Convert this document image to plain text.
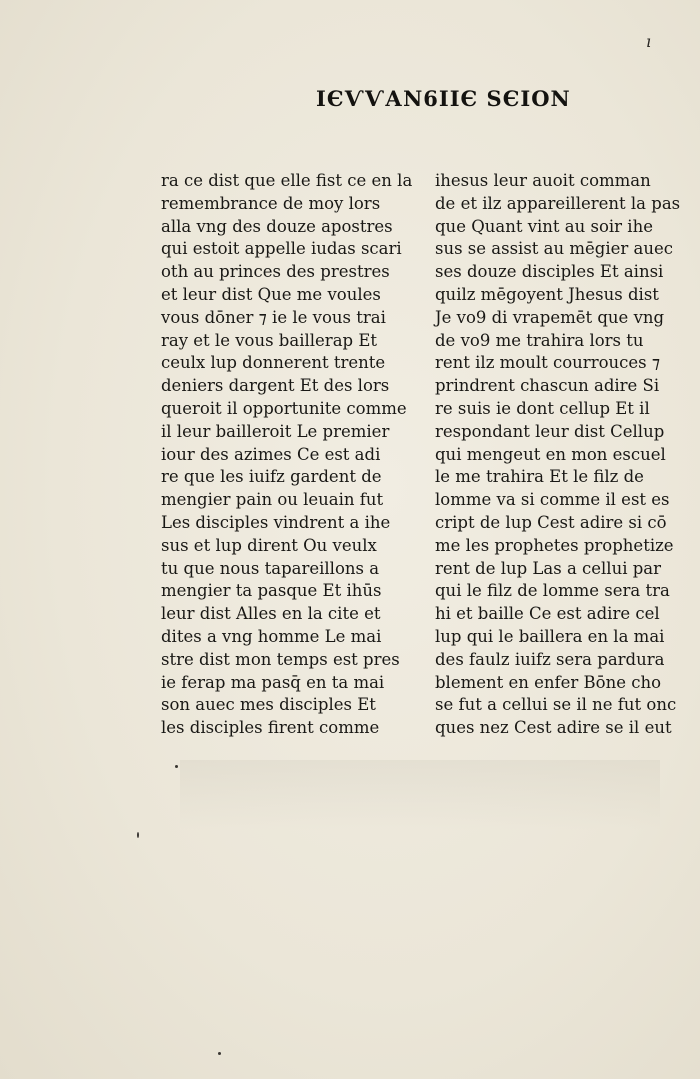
ı
ІЄѴѴАN6ІІЄ ЅЄІОN
ra ce dist que elle fist ce en la
remembrance de moy lors
alla vng des douze apostres
qui estoit appelle iudas scari
oth au princes des prestres
et leur dist Que me voules
vous dōner ⁊ ie le vous trai
ray et le vous baillerap Et
ceulx lup donnerent trente
deniers dargent Et des lors
queroit il opportunite comme
il leur bailleroit Le premier
iour des azimes Ce est adi
re que les iuifz gardent de
mengier pain ou leuain fut
Les disciples vindrent a ihe
sus et lup dirent Ou veulx
tu que nous tapareillons a
mengier ta pasque Et ihūs
leur dist Alles en la cite et
dites a vng homme Le mai
stre dist mon temps est pres
ie ferap ma pasq̄ en ta mai
son auec mes disciples Et
les disciples firent comme
ihesus leur auoit comman
de et ilz appareillerent la pas
que Quant vint au soir ihe
sus se assist au mēgier auec
ses douze disciples Et ainsi
quilz mēgoyent Jhesus dist
Je vo9 di vrapemēt que vng
de vo9 me trahira lors tu
rent ilz moult courrouces ⁊
prindrent chascun adire Si
re suis ie dont cellup Et il
respondant leur dist Cellup
qui mengeut en mon escuel
le me trahira Et le filz de
lomme va si comme il est es
cript de lup Cest adire si cō
me les prophetes prophetize
rent de lup Las a cellui par
qui le filz de lomme sera tra
hi et baille Ce est adire cel
lup qui le baillera en la mai
des faulz iuifz sera pardura
blement en enfer Bōne cho
se fut a cellui se il ne fut onc
ques nez Cest adire se il eut
